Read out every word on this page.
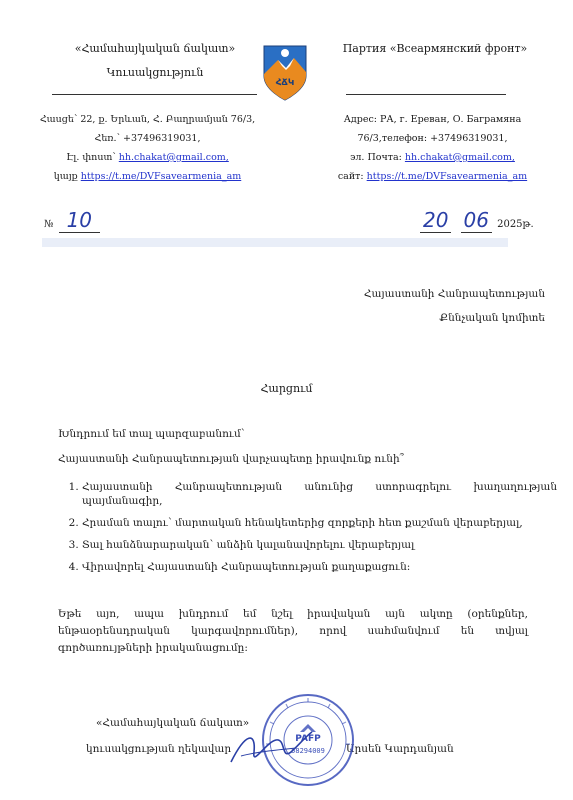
«Համահայկական ճակատ»
Կուսակցություն
ՀՃԿ
Партия «Всеармянский фронт»
Հասցե՝ 22, ք. Երևան, Հ. Բաղրամյան 76/3,
Հեռ.՝ +37496319031,
Էլ. փոստ՝ hh.chakat@gmail.com,
կայք https://t.me/DVFsavearmenia_am
Адрес: РА, г. Ереван, О. Баграмяна
76/3,телефон: +37496319031,
эл. Почта: hh.chakat@gmail.com,
сайт: https://t.me/DVFsavearmenia_am
№ 10	20 06 2025թ.
Հայաստանի Հանրապետության
Քննչական կոմիտե
Հարցում
Խնդրում եմ տալ պարզաբանում՝
Հայաստանի Հանրապետության վարչապետը իրավունք ունի՞
1. Հայաստանի Հանրապետության անունից ստորագրելու խաղաղության պայմանագիր,
2. Հրաման տալու՝ մարտական հենակետերից զորքերի հետ քաշման վերաբերյալ,
3. Տալ հանձնարարական՝ անձին կալանավորելու վերաբերյալ
4. Վիրավորել Հայաստանի Հանրապետության քաղաքացուն:
Եթե այո, ապա խնդրում եմ նշել իրավական այն ակտը (օրենքներ, ենթաօրենսդրական կարգավորումներ), որով սահմանվում են տվյալ գործառույթների իրականացումը:
«Համահայկական ճակատ»
կուսակցության ղեկավար	Արսեն Կարդանյան
PAFP
58294009
